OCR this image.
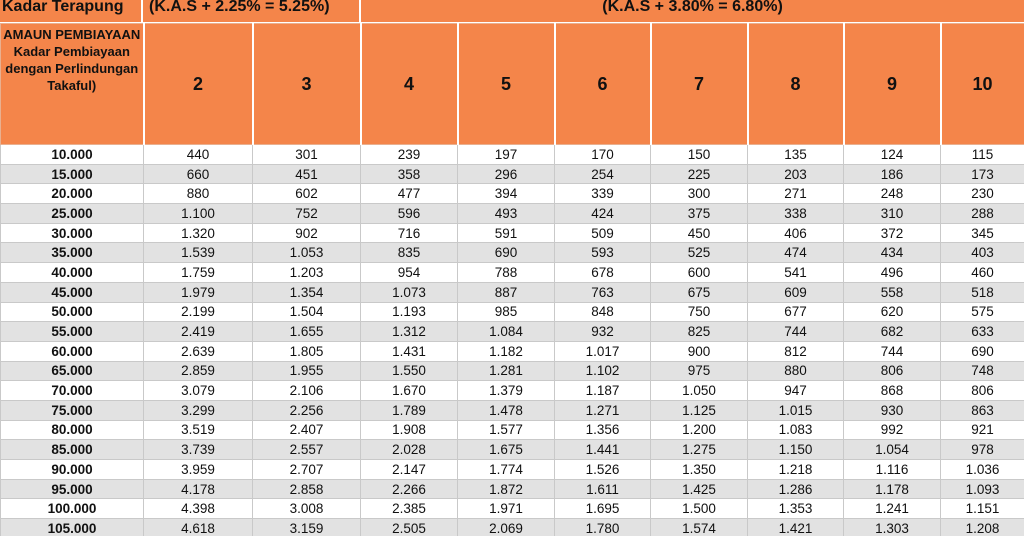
Kadar Terapung	(K.A.S + 2.25% = 5.25%)	(K.A.S + 3.80% = 6.80%)
AMAUN PEMBIAYAAN Kadar Pembiayaan dengan Perlindungan Takaful)	2	3	4	5	6	7	8	9	10
10.000	440	301	239	197	170	150	135	124	115
15.000	660	451	358	296	254	225	203	186	173
20.000	880	602	477	394	339	300	271	248	230
25.000	1.100	752	596	493	424	375	338	310	288
30.000	1.320	902	716	591	509	450	406	372	345
35.000	1.539	1.053	835	690	593	525	474	434	403
40.000	1.759	1.203	954	788	678	600	541	496	460
45.000	1.979	1.354	1.073	887	763	675	609	558	518
50.000	2.199	1.504	1.193	985	848	750	677	620	575
55.000	2.419	1.655	1.312	1.084	932	825	744	682	633
60.000	2.639	1.805	1.431	1.182	1.017	900	812	744	690
65.000	2.859	1.955	1.550	1.281	1.102	975	880	806	748
70.000	3.079	2.106	1.670	1.379	1.187	1.050	947	868	806
75.000	3.299	2.256	1.789	1.478	1.271	1.125	1.015	930	863
80.000	3.519	2.407	1.908	1.577	1.356	1.200	1.083	992	921
85.000	3.739	2.557	2.028	1.675	1.441	1.275	1.150	1.054	978
90.000	3.959	2.707	2.147	1.774	1.526	1.350	1.218	1.116	1.036
95.000	4.178	2.858	2.266	1.872	1.611	1.425	1.286	1.178	1.093
100.000	4.398	3.008	2.385	1.971	1.695	1.500	1.353	1.241	1.151
105.000	4.618	3.159	2.505	2.069	1.780	1.574	1.421	1.303	1.208
